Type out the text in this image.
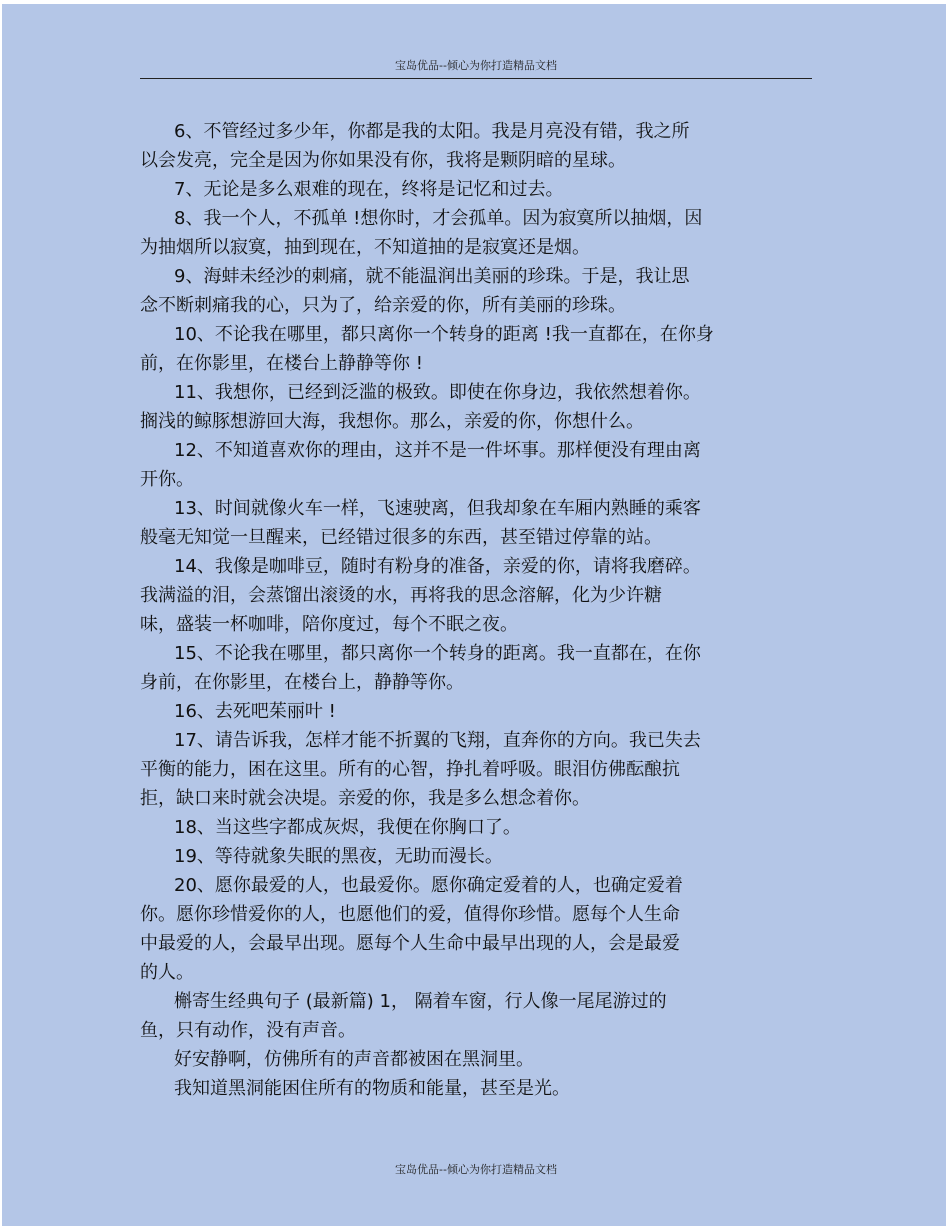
宝岛优品--倾心为你打造精品文档

6、不管经过多少年，你都是我的太阳。我是月亮没有错，我之所
以会发亮，完全是因为你如果没有你，我将是颗阴暗的星球。

7、无论是多么艰难的现在，终将是记忆和过去。

8、我一个人，不孤单 !想你时，才会孤单。因为寂寞所以抽烟，因
为抽烟所以寂寞，抽到现在，不知道抽的是寂寞还是烟。

9、海蚌未经沙的刺痛，就不能温润出美丽的珍珠。于是，我让思
念不断刺痛我的心，只为了，给亲爱的你，所有美丽的珍珠。

10、不论我在哪里，都只离你一个转身的距离 !我一直都在，在你身
前，在你影里，在楼台上静静等你 !

11、我想你，已经到泛滥的极致。即使在你身边，我依然想着你。
搁浅的鲸豚想游回大海，我想你。那么，亲爱的你，你想什么。

12、不知道喜欢你的理由，这并不是一件坏事。那样便没有理由离
开你。

13、时间就像火车一样，飞速驶离，但我却象在车厢内熟睡的乘客
般毫无知觉一旦醒来，已经错过很多的东西，甚至错过停靠的站。

14、我像是咖啡豆，随时有粉身的准备，亲爱的你，请将我磨碎。
我满溢的泪，会蒸馏出滚烫的水，再将我的思念溶解，化为少许糖
味，盛装一杯咖啡，陪你度过，每个不眠之夜。

15、不论我在哪里，都只离你一个转身的距离。我一直都在，在你
身前，在你影里，在楼台上，静静等你。

16、去死吧茱丽叶 !

17、请告诉我，怎样才能不折翼的飞翔，直奔你的方向。我已失去
平衡的能力，困在这里。所有的心智，挣扎着呼吸。眼泪仿佛酝酿抗
拒，缺口来时就会决堤。亲爱的你，我是多么想念着你。

18、当这些字都成灰烬，我便在你胸口了。

19、等待就象失眠的黑夜，无助而漫长。

20、愿你最爱的人，也最爱你。愿你确定爱着的人，也确定爱着
你。愿你珍惜爱你的人，也愿他们的爱，值得你珍惜。愿每个人生命
中最爱的人，会最早出现。愿每个人生命中最早出现的人，会是最爱
的人。

槲寄生经典句子 (最新篇) 1， 隔着车窗，行人像一尾尾游过的
鱼，只有动作，没有声音。

好安静啊，仿佛所有的声音都被困在黑洞里。

我知道黑洞能困住所有的物质和能量，甚至是光。

宝岛优品--倾心为你打造精品文档
